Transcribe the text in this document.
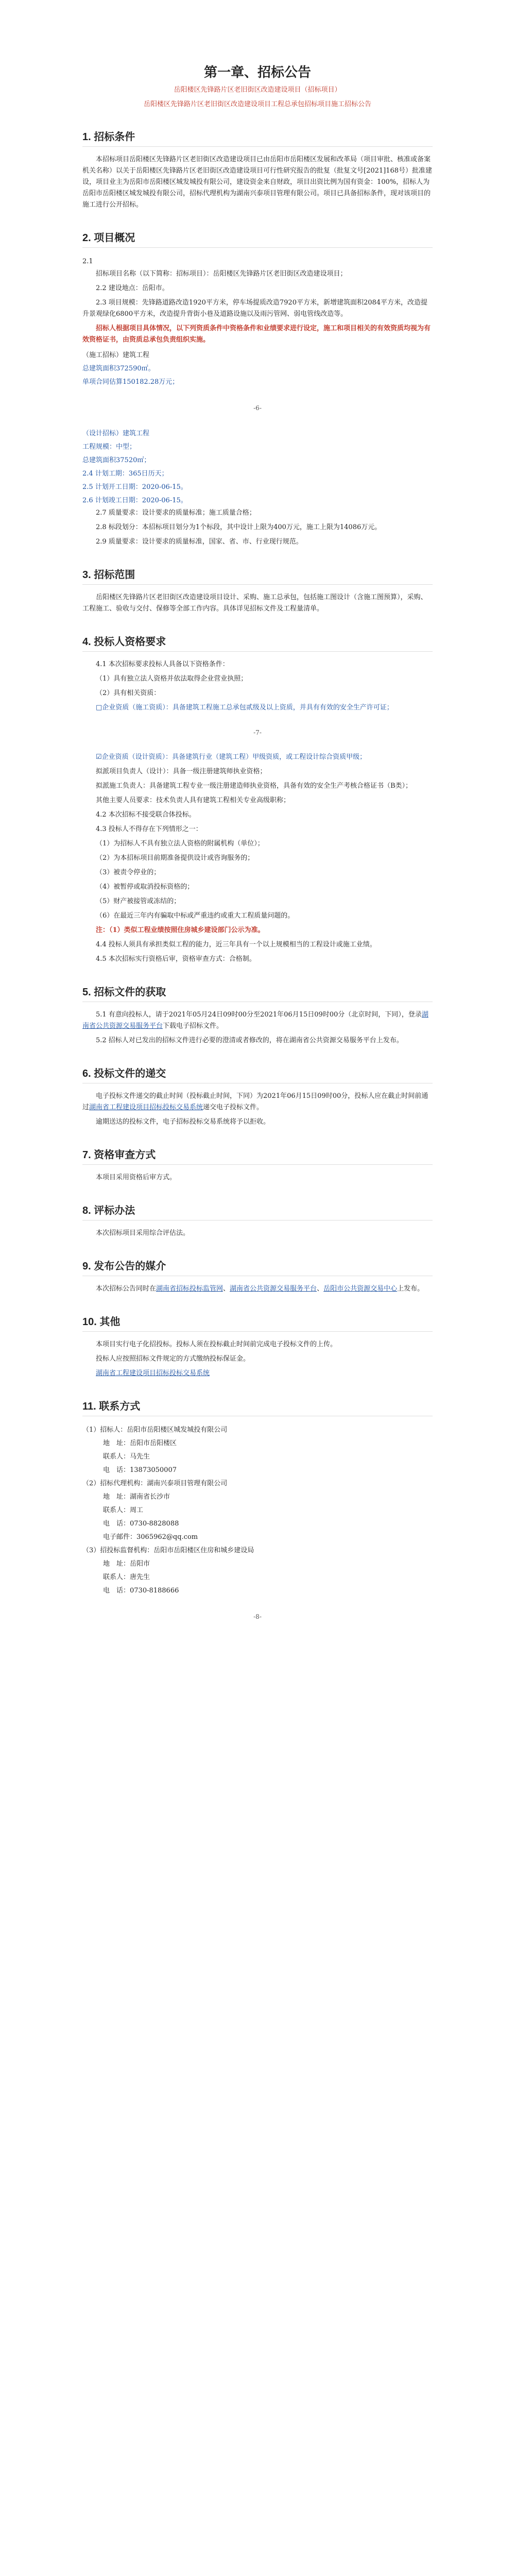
第一章、招标公告

岳阳楼区先锋路片区老旧街区改造建设项目（招标项目）

岳阳楼区先锋路片区老旧街区改造建设项目工程总承包招标项目施工招标公告

1. 招标条件

本招标项目岳阳楼区先锋路片区老旧街区改造建设项目已由岳阳市岳阳楼区发展和改革局（项目审批、核准或备案机关名称）以关于岳阳楼区先锋路片区老旧街区改造建设项目可行性研究报告的批复（批复文号[2021]168号）批准建设，项目业主为岳阳市岳阳楼区城发城投有限公司，建设资金来自财政，项目出资比例为国有资金：100%，招标人为岳阳市岳阳楼区城发城投有限公司，招标代理机构为湖南兴泰项目管理有限公司。项目已具备招标条件，现对该项目的施工进行公开招标。

2. 项目概况

2.1

招标项目名称（以下简称：招标项目）：岳阳楼区先锋路片区老旧街区改造建设项目；

2.2 建设地点：岳阳市。

2.3 项目规模：先锋路道路改造1920平方米，停车场提质改造7920平方米，新增建筑面积2084平方米，改造提升景观绿化6800平方米，改造提升背街小巷及道路设施以及雨污管网、弱电管线改造等。

招标人根据项目具体情况，以下列资质条件中资格条件和业绩要求进行设定，施工和项目相关的有效资质均视为有效资格证书，由资质总承包负责组织实施。

（施工招标）建筑工程

总建筑面积372590㎡。

单项合同估算150182.28万元；

-6-

（设计招标）建筑工程

工程规模：中型；

总建筑面积37520㎡；

2.4 计划工期：365日历天；

2.5 计划开工日期：2020-06-15。

2.6 计划竣工日期：2020-06-15。

2.7 质量要求：设计要求的质量标准；施工质量合格；

2.8 标段划分：本招标项目划分为1个标段，其中设计上限为400万元，施工上限为14086万元。

2.9 质量要求：设计要求的质量标准，国家、省、市、行业现行规范。

3. 招标范围

岳阳楼区先锋路片区老旧街区改造建设项目设计、采购、施工总承包，包括施工图设计（含施工图预算），采购、工程施工、验收与交付、保修等全部工作内容。具体详见招标文件及工程量清单。

4. 投标人资格要求

4.1 本次招标要求投标人具备以下资格条件：

（1）具有独立法人资格并依法取得企业营业执照；

（2）具有相关资质：

□企业资质（施工资质）：具备建筑工程施工总承包贰级及以上资质，并具有有效的安全生产许可证；

-7-

☑企业资质（设计资质）：具备建筑行业（建筑工程）甲级资质，或工程设计综合资质甲级；

拟派项目负责人（设计）：具备一级注册建筑师执业资格；

拟派施工负责人：具备建筑工程专业一级注册建造师执业资格，具备有效的安全生产考核合格证书（B类）；

其他主要人员要求：技术负责人具有建筑工程相关专业高级职称；

4.2 本次招标不接受联合体投标。

4.3 投标人不得存在下列情形之一：

（1）为招标人不具有独立法人资格的附属机构（单位）；

（2）为本招标项目前期准备提供设计或咨询服务的；

（3）被责令停业的；

（4）被暂停或取消投标资格的；

（5）财产被接管或冻结的；

（6）在最近三年内有骗取中标或严重违约或重大工程质量问题的。

注：（1）类似工程业绩按照住房城乡建设部门公示为准。

4.4 投标人须具有承担类似工程的能力，近三年具有一个以上规模相当的工程设计或施工业绩。

4.5 本次招标实行资格后审，资格审查方式：合格制。

5. 招标文件的获取

5.1 有意向投标人，请于2021年05月24日09时00分至2021年06月15日09时00分（北京时间，下同），登录湖南省公共资源交易服务平台下载电子招标文件。

5.2 招标人对已发出的招标文件进行必要的澄清或者修改的，将在湖南省公共资源交易服务平台上发布。

6. 投标文件的递交

电子投标文件递交的截止时间（投标截止时间，下同）为2021年06月15日09时00分，投标人应在截止时间前通过湖南省工程建设项目招标投标交易系统递交电子投标文件。

逾期送达的投标文件，电子招标投标交易系统将予以拒收。

7. 资格审查方式

本项目采用资格后审方式。

8. 评标办法

本次招标项目采用综合评估法。

9. 发布公告的媒介

本次招标公告同时在湖南省招标投标监管网、湖南省公共资源交易服务平台、岳阳市公共资源交易中心上发布。

10. 其他

本项目实行电子化招投标。投标人须在投标截止时间前完成电子投标文件的上传。

投标人应按照招标文件规定的方式缴纳投标保证金。

湖南省工程建设项目招标投标交易系统

11. 联系方式

（1）招标人：岳阳市岳阳楼区城发城投有限公司

地　址：岳阳市岳阳楼区

联系人：马先生

电　话：13873050007

（2）招标代理机构：湖南兴泰项目管理有限公司

地　址：湖南省长沙市

联系人：周工

电　话：0730-8828088

电子邮件：3065962@qq.com

（3）招投标监督机构：岳阳市岳阳楼区住房和城乡建设局

地　址：岳阳市

联系人：唐先生

电　话：0730-8188666

-8-
